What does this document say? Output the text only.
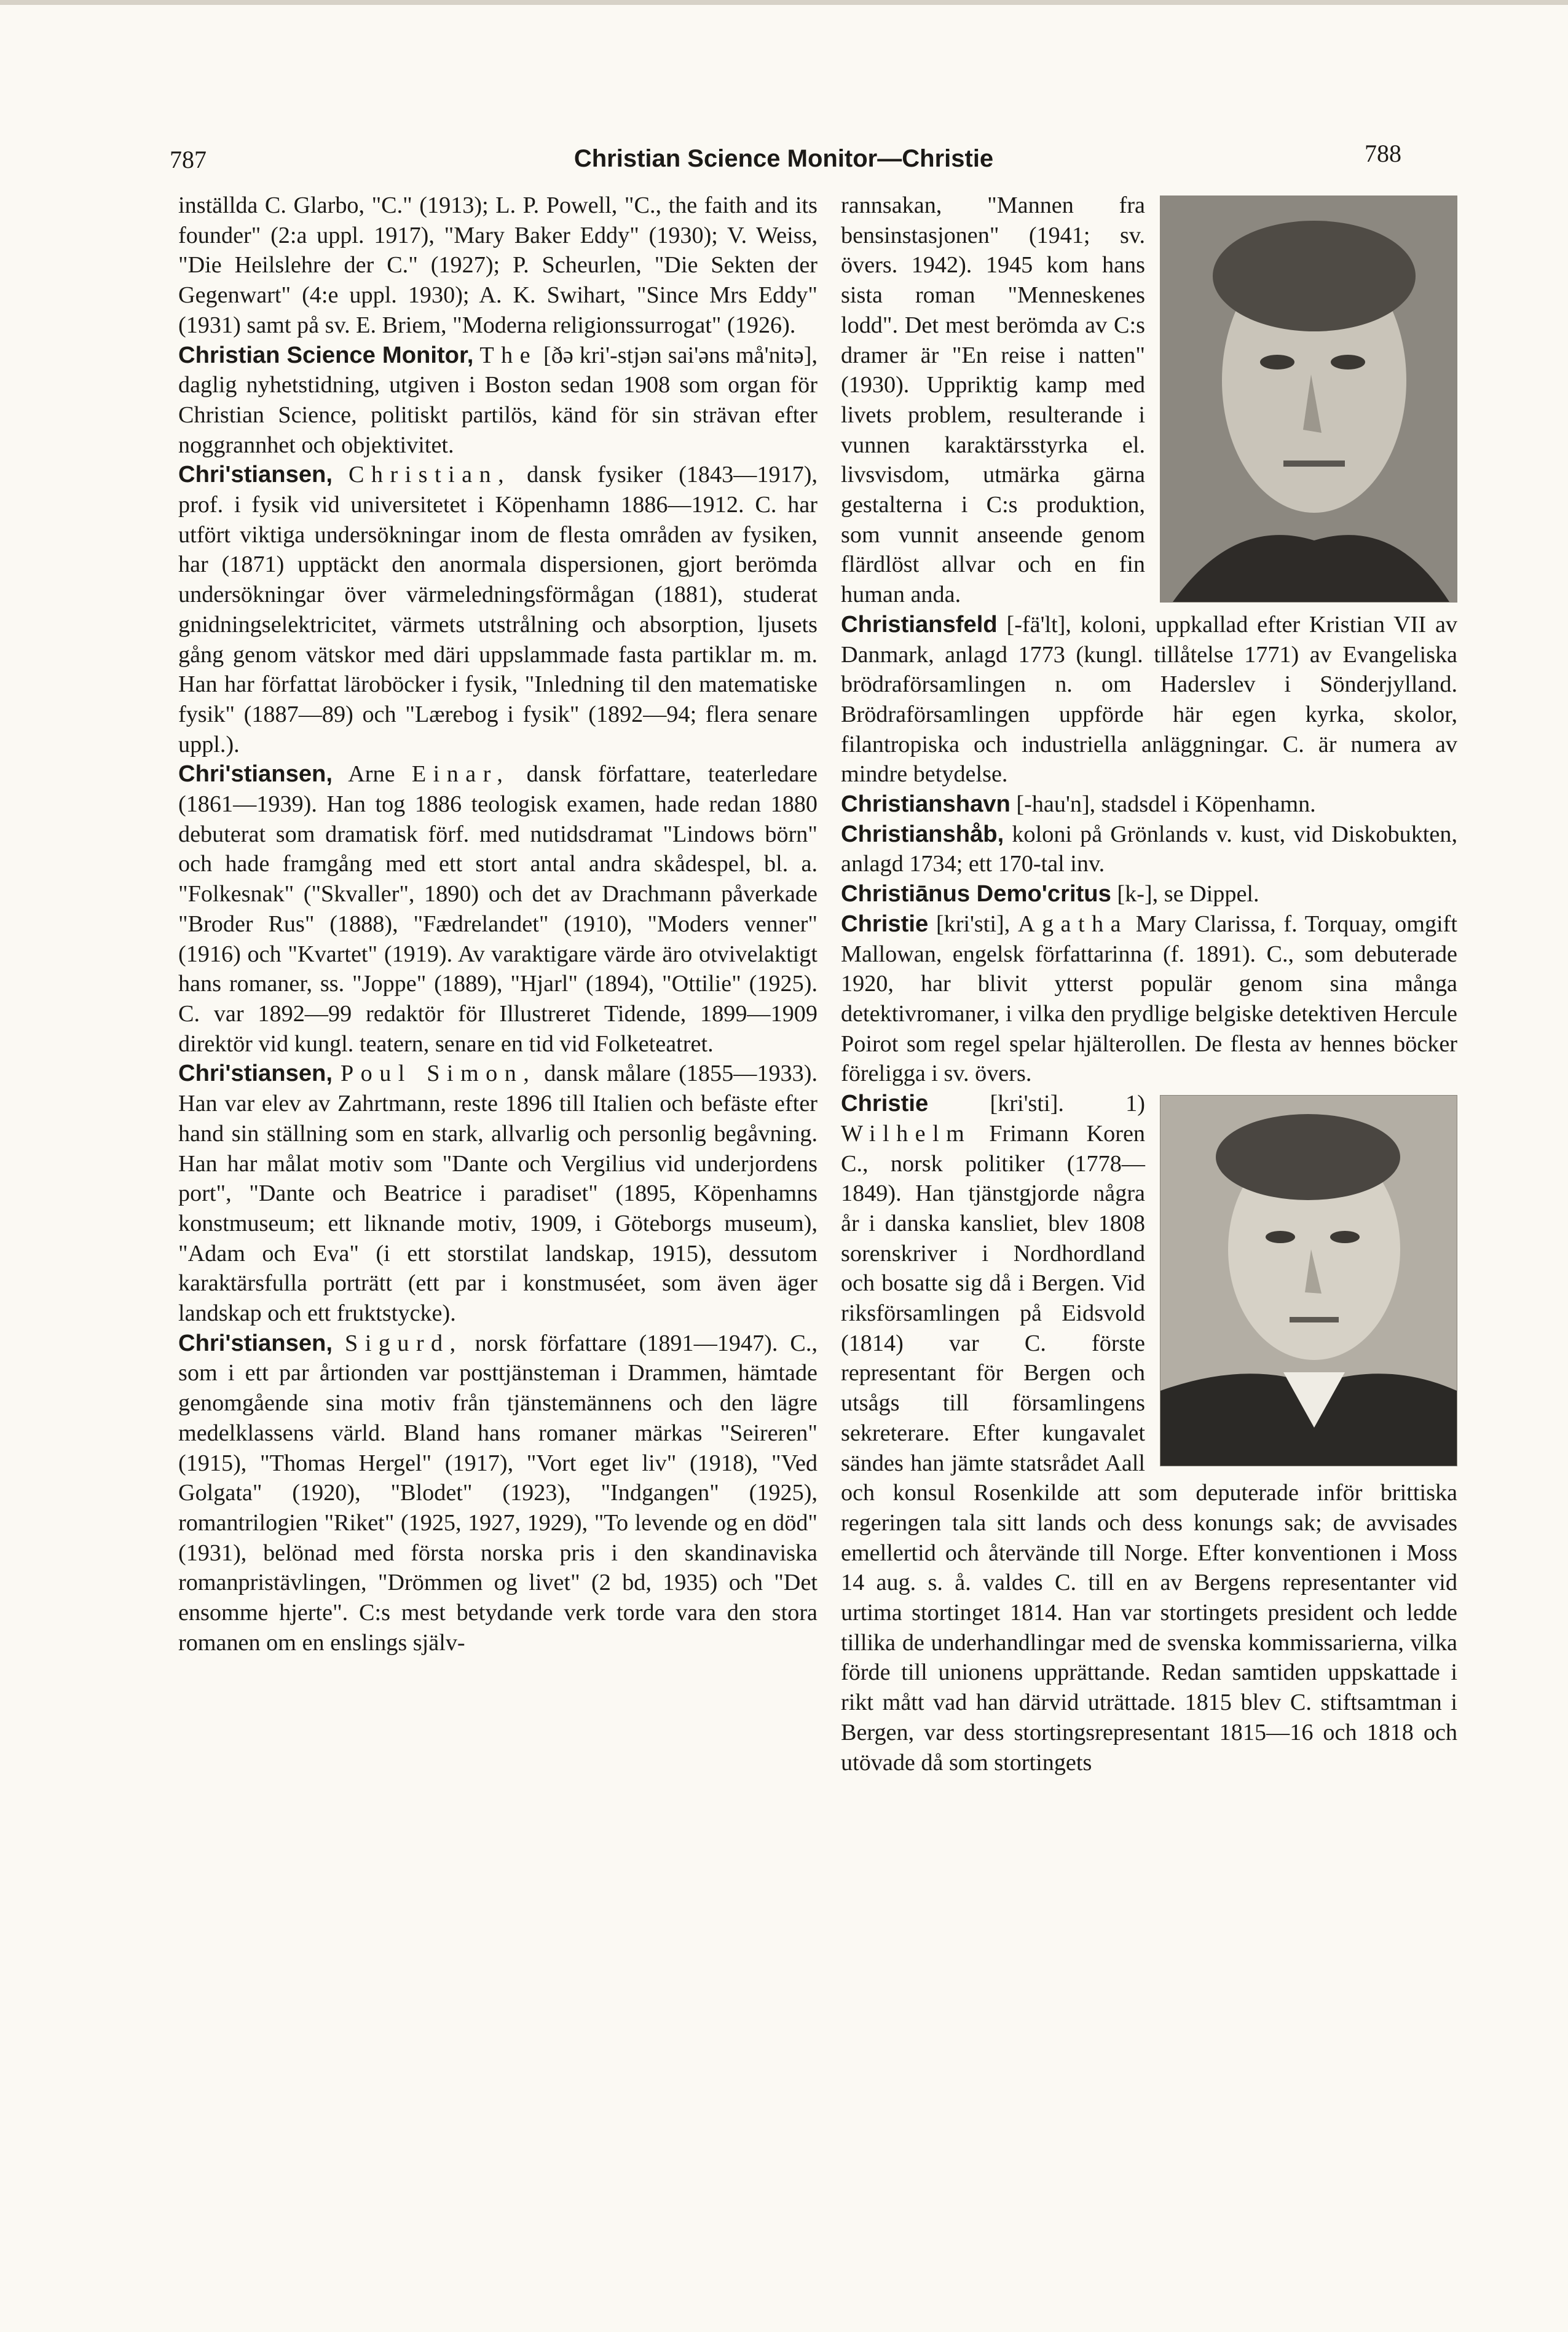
787	Christian Science Monitor—Christie	788

inställda C. Glarbo, "C." (1913); L. P. Powell, "C., the faith and its founder" (2:a uppl. 1917), "Mary Baker Eddy" (1930); V. Weiss, "Die Heilslehre der C." (1927); P. Scheurlen, "Die Sekten der Gegenwart" (4:e uppl. 1930); A. K. Swihart, "Since Mrs Eddy" (1931) samt på sv. E. Briem, "Moderna religionssurrogat" (1926).

Christian Science Monitor, The [ðə kri'-stjən sai'əns må'nitə], daglig nyhetstidning, utgiven i Boston sedan 1908 som organ för Christian Science, politiskt partilös, känd för sin strävan efter noggrannhet och objektivitet.

Chri'stiansen, Christian, dansk fysiker (1843—1917), prof. i fysik vid universitetet i Köpenhamn 1886—1912. C. har utfört viktiga undersökningar inom de flesta områden av fysiken, har (1871) upptäckt den anormala dispersionen, gjort berömda undersökningar över värmeledningsförmågan (1881), studerat gnidningselektricitet, värmets utstrålning och absorption, ljusets gång genom vätskor med däri uppslammade fasta partiklar m. m. Han har författat läroböcker i fysik, "Inledning til den matematiske fysik" (1887—89) och "Lærebog i fysik" (1892—94; flera senare uppl.).

Chri'stiansen, Arne Einar, dansk författare, teaterledare (1861—1939). Han tog 1886 teologisk examen, hade redan 1880 debuterat som dramatisk förf. med nutidsdramat "Lindows börn" och hade framgång med ett stort antal andra skådespel, bl. a. "Folkesnak" ("Skvaller", 1890) och det av Drachmann påverkade "Broder Rus" (1888), "Fædrelandet" (1910), "Moders venner" (1916) och "Kvartet" (1919). Av varaktigare värde äro otvivelaktigt hans romaner, ss. "Joppe" (1889), "Hjarl" (1894), "Ottilie" (1925). C. var 1892—99 redaktör för Illustreret Tidende, 1899—1909 direktör vid kungl. teatern, senare en tid vid Folketeatret.

Chri'stiansen, Poul Simon, dansk målare (1855—1933). Han var elev av Zahrtmann, reste 1896 till Italien och befäste efter hand sin ställning som en stark, allvarlig och personlig begåvning. Han har målat motiv som "Dante och Vergilius vid underjordens port", "Dante och Beatrice i paradiset" (1895, Köpenhamns konstmuseum; ett liknande motiv, 1909, i Göteborgs museum), "Adam och Eva" (i ett storstilat landskap, 1915), dessutom karaktärsfulla porträtt (ett par i konstmuséet, som även äger landskap och ett fruktstycke).

Chri'stiansen, Sigurd, norsk författare (1891—1947). C., som i ett par årtionden var posttjänsteman i Drammen, hämtade genomgående sina motiv från tjänstemännens och den lägre medelklassens värld. Bland hans romaner märkas "Seireren" (1915), "Thomas Hergel" (1917), "Vort eget liv" (1918), "Ved Golgata" (1920), "Blodet" (1923), "Indgangen" (1925), romantrilogien "Riket" (1925, 1927, 1929), "To levende og en död" (1931), belönad med första norska pris i den skandinaviska romanpristävlingen, "Drömmen og livet" (2 bd, 1935) och "Det ensomme hjerte". C:s mest betydande verk torde vara den stora romanen om en enslings själv-

rannsakan, "Mannen fra bensinstasjonen" (1941; sv. övers. 1942). 1945 kom hans sista roman "Menneskenes lodd". Det mest berömda av C:s dramer är "En reise i natten" (1930). Uppriktig kamp med livets problem, resulterande i vunnen karaktärsstyrka el. livsvisdom, utmärka gärna gestalterna i C:s produktion, som vunnit anseende genom flärdlöst allvar och en fin human anda.

Christiansfeld [-fä'lt], koloni, uppkallad efter Kristian VII av Danmark, anlagd 1773 (kungl. tillåtelse 1771) av Evangeliska brödraförsamlingen n. om Haderslev i Sönderjylland. Brödraförsamlingen uppförde här egen kyrka, skolor, filantropiska och industriella anläggningar. C. är numera av mindre betydelse.

Christianshavn [-hau'n], stadsdel i Köpenhamn.

Christianshåb, koloni på Grönlands v. kust, vid Diskobukten, anlagd 1734; ett 170-tal inv.

Christiānus Demo'critus [k-], se Dippel.

Christie [kri'sti], Agatha Mary Clarissa, f. Torquay, omgift Mallowan, engelsk författarinna (f. 1891). C., som debuterade 1920, har blivit ytterst populär genom sina många detektivromaner, i vilka den prydlige belgiske detektiven Hercule Poirot som regel spelar hjälterollen. De flesta av hennes böcker föreligga i sv. övers.

Christie	[kri'sti]. 1) Wilhelm Frimann Koren C., norsk politiker (1778—1849). Han tjänstgjorde några år i danska kansliet, blev 1808 sorenskriver i Nordhordland och bosatte sig då i Bergen. Vid riksförsamlingen på Eidsvold (1814) var C. förste representant för Bergen och utsågs till församlingens sekreterare. Efter kungavalet sändes han jämte statsrådet Aall och konsul Rosenkilde att som deputerade inför brittiska regeringen tala sitt lands och dess konungs sak; de avvisades emellertid och återvände till Norge. Efter konventionen i Moss 14 aug. s. å. valdes C. till en av Bergens representanter vid urtima stortinget 1814. Han var stortingets president och ledde tillika de underhandlingar med de svenska kommissarierna, vilka förde till unionens upprättande. Redan samtiden uppskattade i rikt mått vad han därvid uträttade. 1815 blev C. stiftsamtman i Bergen, var dess stortingsrepresentant 1815—16 och 1818 och utövade då som stortingets
